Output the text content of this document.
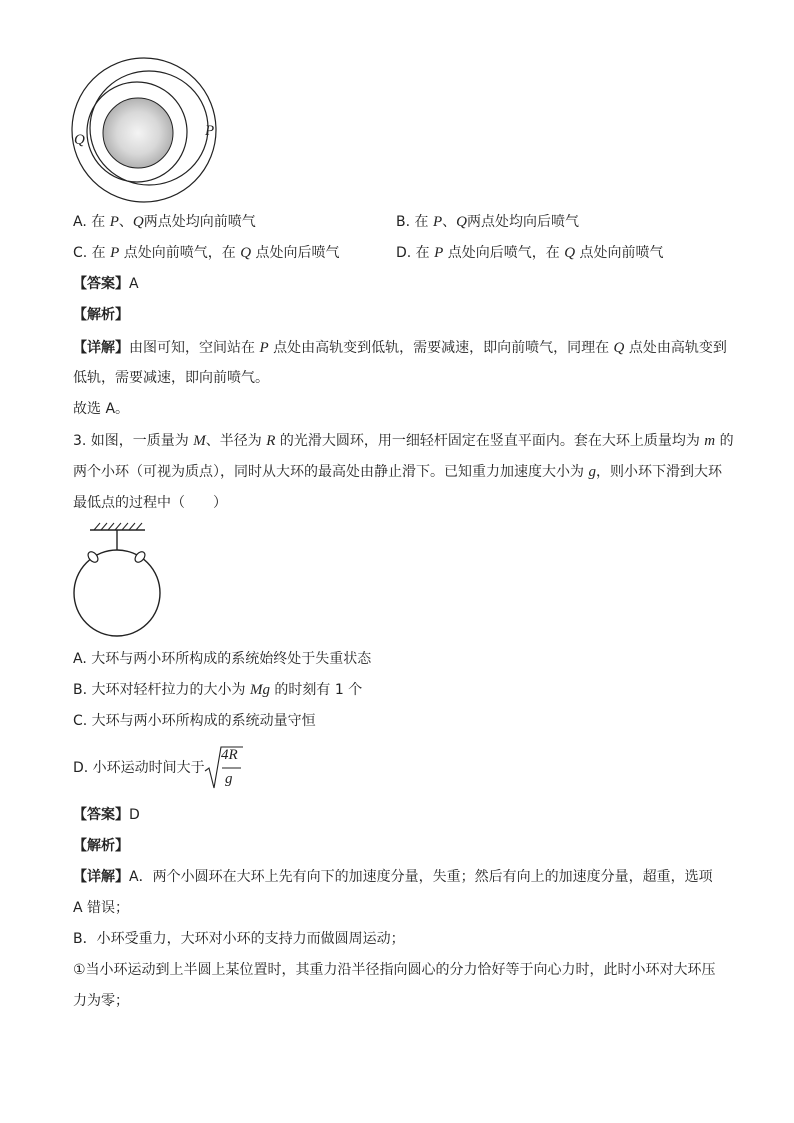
Q
P
A. 在 P、Q两点处均向前喷气	B. 在 P、Q两点处均向后喷气
C. 在 P 点处向前喷气，在 Q 点处向后喷气	D. 在 P 点处向后喷气，在 Q 点处向前喷气
【答案】A
【解析】
【详解】由图可知，空间站在 P 点处由高轨变到低轨，需要减速，即向前喷气，同理在 Q 点处由高轨变到
低轨，需要减速，即向前喷气。
故选 A。
3. 如图，一质量为 M、半径为 R 的光滑大圆环，用一细轻杆固定在竖直平面内。套在大环上质量均为 m 的
两个小环（可视为质点），同时从大环的最高处由静止滑下。已知重力加速度大小为 g，则小环下滑到大环
最低点的过程中（　　）
A. 大环与两小环所构成的系统始终处于失重状态
B. 大环对轻杆拉力的大小为 Mg 的时刻有 1 个
C. 大环与两小环所构成的系统动量守恒
D. 小环运动时间大于
4R
g
【答案】D
【解析】
【详解】A．两个小圆环在大环上先有向下的加速度分量，失重；然后有向上的加速度分量，超重，选项
A 错误；
B．小环受重力，大环对小环的支持力而做圆周运动；
①当小环运动到上半圆上某位置时，其重力沿半径指向圆心的分力恰好等于向心力时，此时小环对大环压
力为零；
